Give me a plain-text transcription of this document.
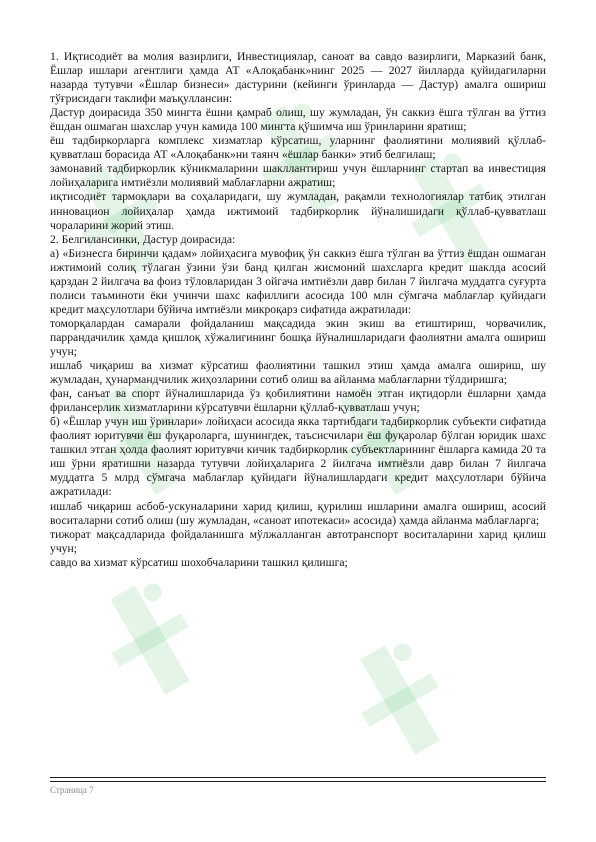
1. Иқтисодиёт ва молия вазирлиги, Инвестициялар, саноат ва савдо вазирлиги, Марказий банк, Ёшлар ишлари агентлиги ҳамда АТ «Алоқабанк»нинг 2025 — 2027 йилларда қуйидагиларни назарда тутувчи «Ёшлар бизнеси» дастурини (кейинги ўринларда — Дастур) амалга ошириш тўғрисидаги таклифи маъқуллансин:

Дастур доирасида 350 мингта ёшни қамраб олиш, шу жумладан, ўн саккиз ёшга тўлган ва ўттиз ёшдан ошмаган шахслар учун камида 100 мингта қўшимча иш ўринларини яратиш;

ёш тадбиркорларга комплекс хизматлар кўрсатиш, уларнинг фаолиятини молиявий қўллаб-қувватлаш борасида АТ «Алоқабанк»ни таянч «ёшлар банки» этиб белгилаш;

замонавий тадбиркорлик кўникмаларини шакллантириш учун ёшларнинг стартап ва инвестиция лойиҳаларига имтиёзли молиявий маблағларни ажратиш;

иқтисодиёт тармоқлари ва соҳаларидаги, шу жумладан, рақамли технологиялар татбиқ этилган инновацион лойиҳалар ҳамда ижтимоий тадбиркорлик йўналишидаги қўллаб-қувватлаш чораларини жорий этиш.

2. Белгилансинки, Дастур доирасида:

а) «Бизнесга биринчи қадам» лойиҳасига мувофиқ ўн саккиз ёшга тўлган ва ўттиз ёшдан ошмаган ижтимоий солиқ тўлаган ўзини ўзи банд қилган жисмоний шахсларга кредит шаклда асосий қарздан 2 йилгача ва фоиз тўловларидан 3 ойгача имтиёзли давр билан 7 йилгача муддатга суғурта полиси таъминоти ёки учинчи шахс кафиллиги асосида 100 млн сўмгача маблағлар қуйидаги кредит маҳсулотлари бўйича имтиёзли микроқарз сифатида ажратилади:

томорқалардан самарали фойдаланиш мақсадида экин экиш ва етиштириш, чорвачилик, паррандачилик ҳамда қишлоқ хўжалигининг бошқа йўналишларидаги фаолиятни амалга ошириш учун;

ишлаб чиқариш ва хизмат кўрсатиш фаолиятини ташкил этиш ҳамда амалга ошириш, шу жумладан, ҳунармандчилик жиҳозларини сотиб олиш ва айланма маблағларни тўлдиришга;

фан, санъат ва спорт йўналишларида ўз қобилиятини намоён этган иқтидорли ёшларни ҳамда фрилансерлик хизматларини кўрсатувчи ёшларни қўллаб-қувватлаш учун;

б) «Ёшлар учун иш ўринлари» лойиҳаси асосида якка тартибдаги тадбиркорлик субъекти сифатида фаолият юритувчи ёш фуқароларга, шунингдек, таъсисчилари ёш фуқаролар бўлган юридик шахс ташкил этган ҳолда фаолият юритувчи кичик тадбиркорлик субъектларининг ёшларга камида 20 та иш ўрни яратишни назарда тутувчи лойиҳаларига 2 йилгача имтиёзли давр билан 7 йилгача муддатга 5 млрд сўмгача маблағлар қуйидаги йўналишлардаги кредит маҳсулотлари бўйича ажратилади:

ишлаб чиқариш асбоб-ускуналарини харид қилиш, қурилиш ишларини амалга ошириш, асосий воситаларни сотиб олиш (шу жумладан, «саноат ипотекаси» асосида) ҳамда айланма маблағларга;

тижорат мақсадларида фойдаланишга мўлжалланган автотранспорт воситаларини харид қилиш учун;

савдо ва хизмат кўрсатиш шохобчаларини ташкил қилишга;

Страница 7
